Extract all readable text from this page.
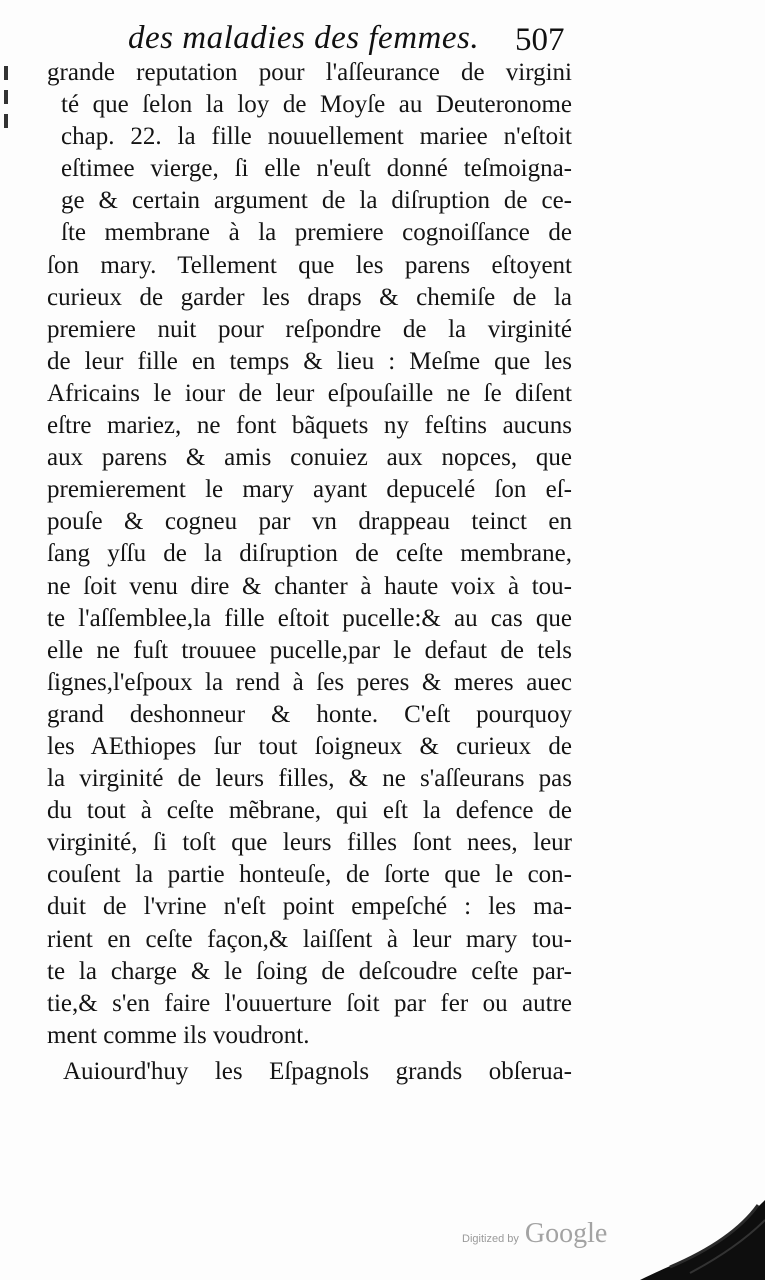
des maladies des femmes. 507
grande reputation pour l'aſſeurance de virgini
té que ſelon la loy de Moyſe au Deuteronome
chap. 22. la fille nouuellement mariee n'eſtoit
eſtimee vierge, ſi elle n'euſt donné teſmoigna-
ge & certain argument de la diſruption de ce-
ſte membrane à la premiere cognoiſſance de
ſon mary. Tellement que les parens eſtoyent
curieux de garder les draps & chemiſe de la
premiere nuit pour reſpondre de la virginité
de leur fille en temps & lieu : Meſme que les
Africains le iour de leur eſpouſaille ne ſe diſent
eſtre mariez, ne font bãquets ny feſtins aucuns
aux parens & amis conuiez aux nopces, que
premierement le mary ayant depucelé ſon eſ-
pouſe & cogneu par vn drappeau teinct en
ſang yſſu de la diſruption de ceſte membrane,
ne ſoit venu dire & chanter à haute voix à tou-
te l'aſſemblee,la fille eſtoit pucelle:& au cas que
elle ne fuſt trouuee pucelle,par le defaut de tels
ſignes,l'eſpoux la rend à ſes peres & meres auec
grand deshonneur & honte. C'eſt pourquoy
les AEthiopes ſur tout ſoigneux & curieux de
la virginité de leurs filles, & ne s'aſſeurans pas
du tout à ceſte mẽbrane, qui eſt la defence de
virginité, ſi toſt que leurs filles ſont nees, leur
couſent la partie honteuſe, de ſorte que le con-
duit de l'vrine n'eſt point empeſché : les ma-
rient en ceſte façon,& laiſſent à leur mary tou-
te la charge & le ſoing de deſcoudre ceſte par-
tie,& s'en faire l'ouuerture ſoit par fer ou autre
ment comme ils voudront.
Auiourd'huy les Eſpagnols grands obſerua-
Digitized by Google
